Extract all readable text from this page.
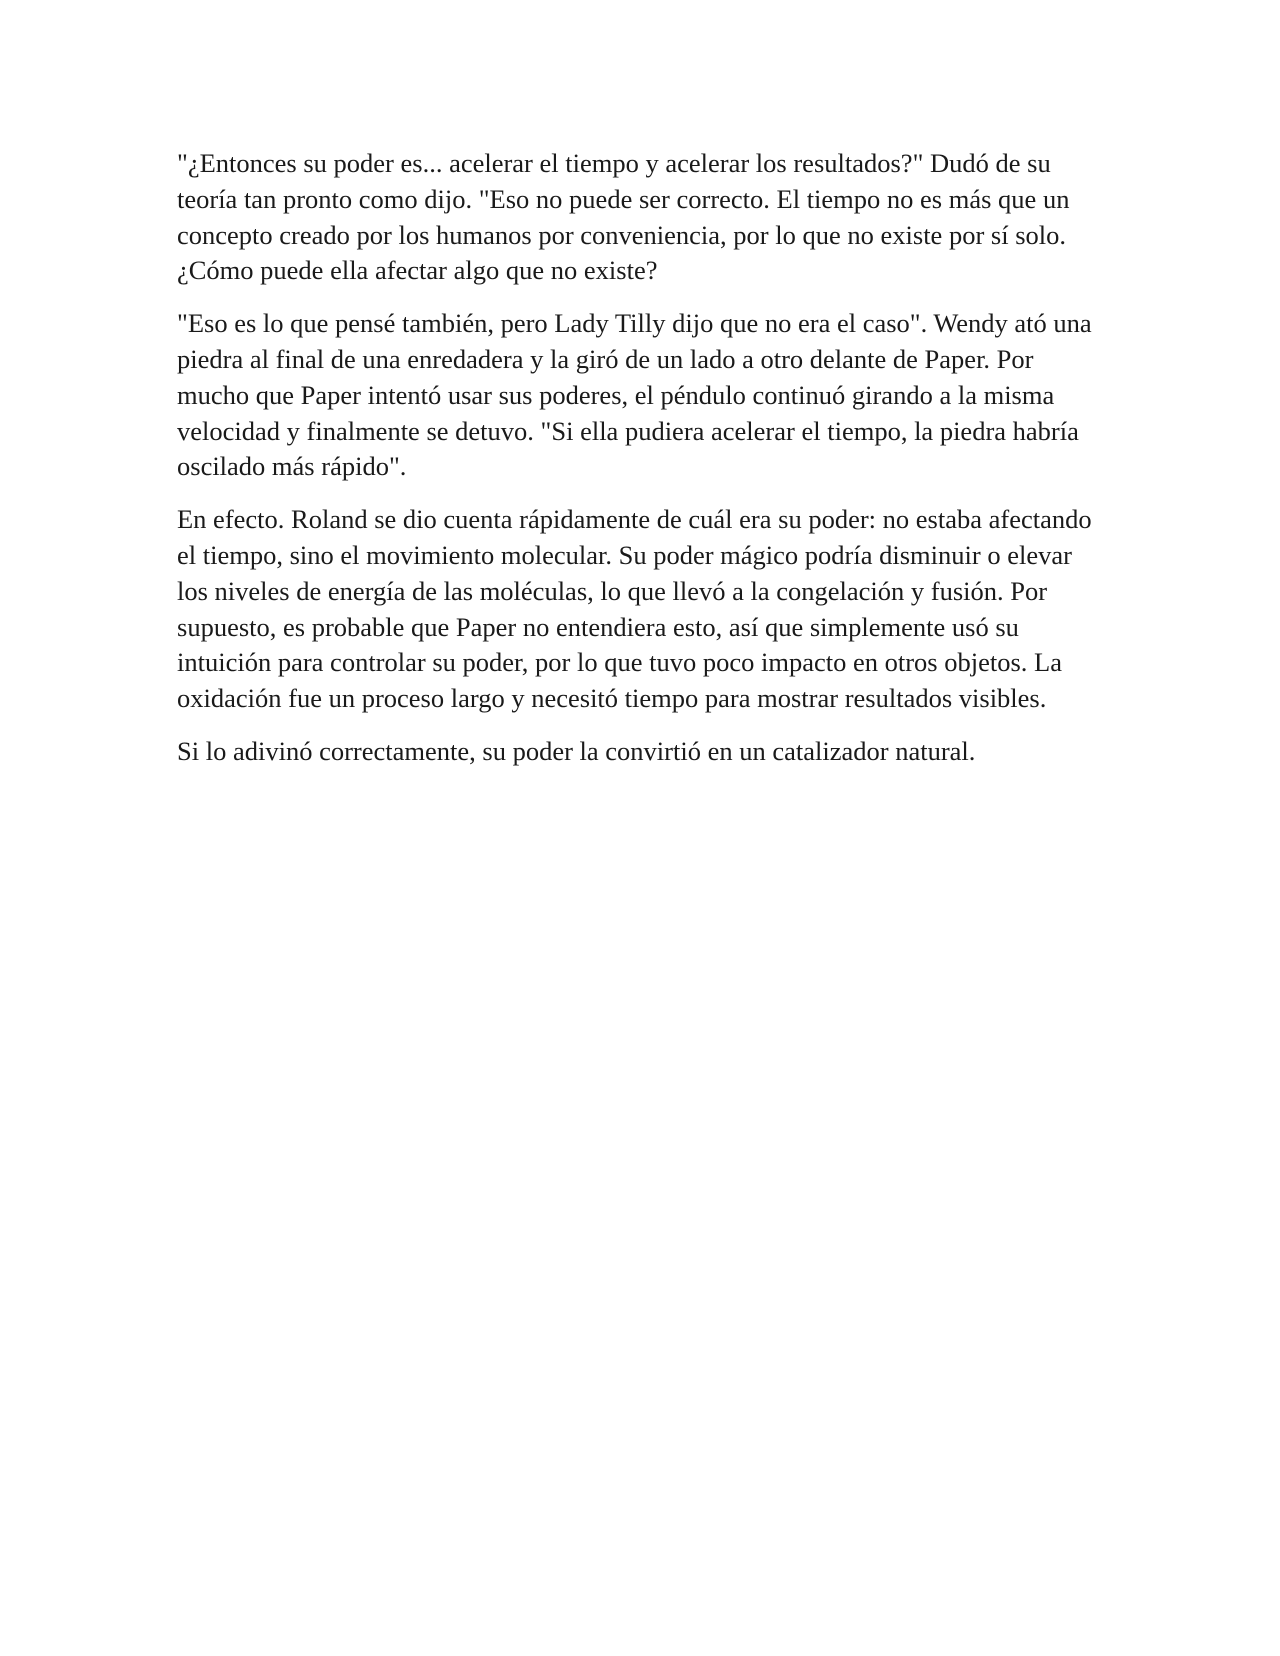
"¿Entonces su poder es... acelerar el tiempo y acelerar los resultados?" Dudó de su teoría tan pronto como dijo. "Eso no puede ser correcto. El tiempo no es más que un concepto creado por los humanos por conveniencia, por lo que no existe por sí solo. ¿Cómo puede ella afectar algo que no existe?

"Eso es lo que pensé también, pero Lady Tilly dijo que no era el caso". Wendy ató una piedra al final de una enredadera y la giró de un lado a otro delante de Paper. Por mucho que Paper intentó usar sus poderes, el péndulo continuó girando a la misma velocidad y finalmente se detuvo. "Si ella pudiera acelerar el tiempo, la piedra habría oscilado más rápido".

En efecto. Roland se dio cuenta rápidamente de cuál era su poder: no estaba afectando el tiempo, sino el movimiento molecular. Su poder mágico podría disminuir o elevar los niveles de energía de las moléculas, lo que llevó a la congelación y fusión. Por supuesto, es probable que Paper no entendiera esto, así que simplemente usó su intuición para controlar su poder, por lo que tuvo poco impacto en otros objetos. La oxidación fue un proceso largo y necesitó tiempo para mostrar resultados visibles.

Si lo adivinó correctamente, su poder la convirtió en un catalizador natural.
